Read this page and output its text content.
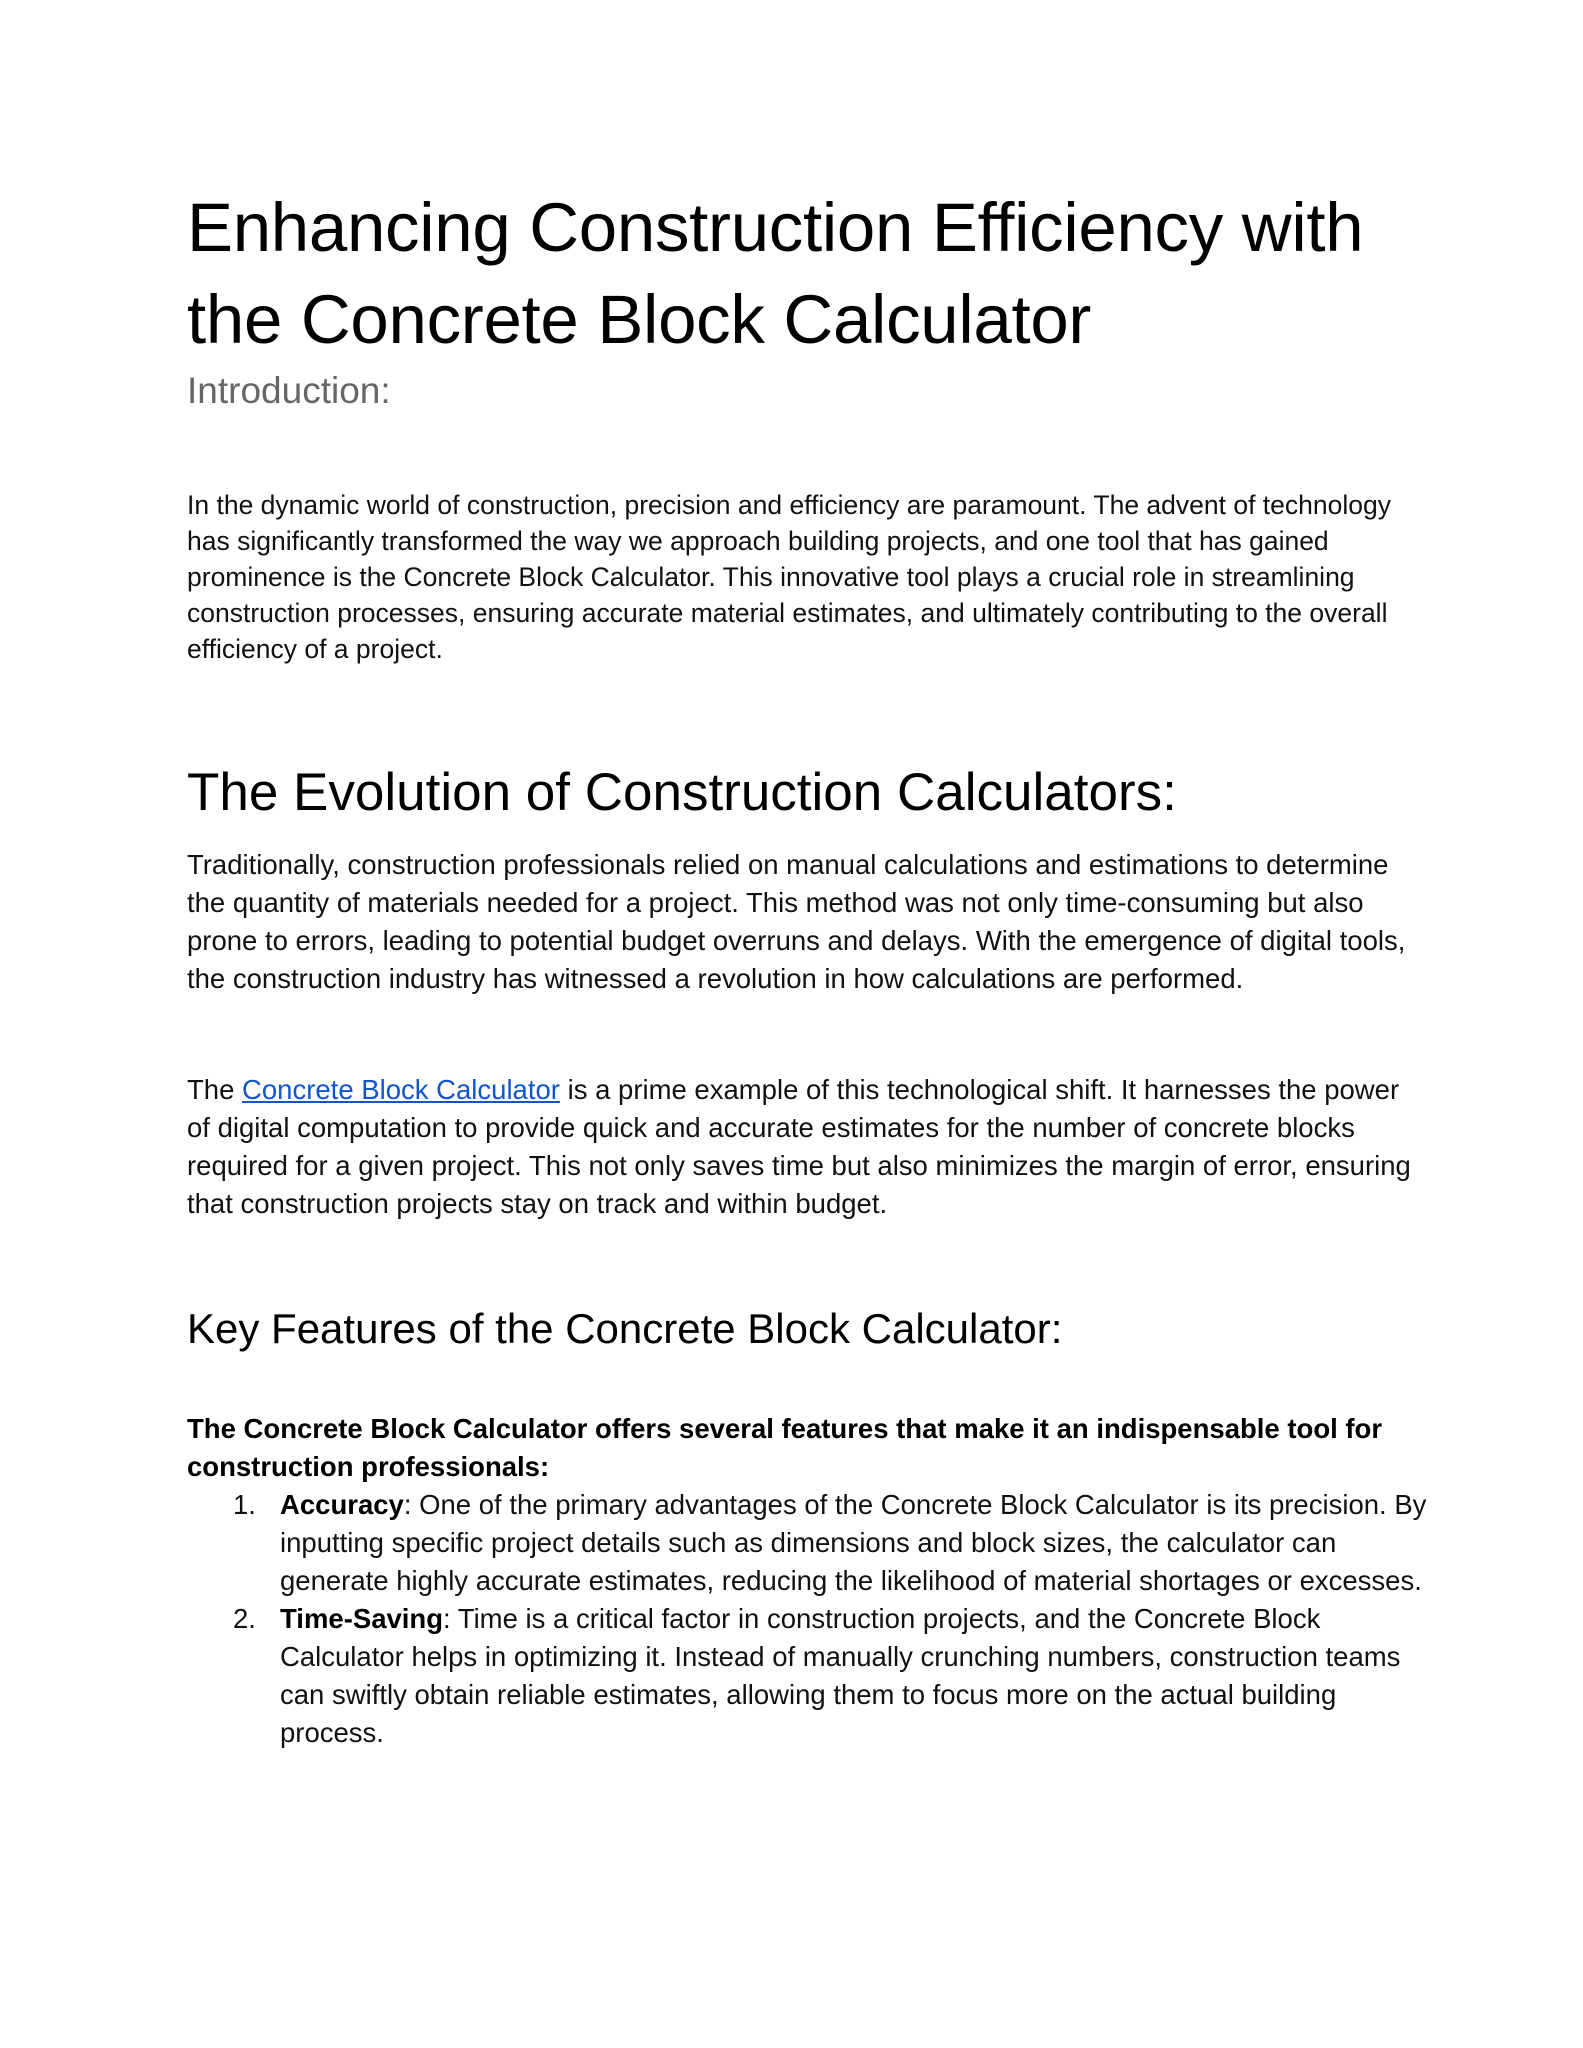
Enhancing Construction Efficiency with
the Concrete Block Calculator
Introduction:

In the dynamic world of construction, precision and efficiency are paramount. The advent of technology has significantly transformed the way we approach building projects, and one tool that has gained prominence is the Concrete Block Calculator. This innovative tool plays a crucial role in streamlining construction processes, ensuring accurate material estimates, and ultimately contributing to the overall efficiency of a project.

The Evolution of Construction Calculators:

Traditionally, construction professionals relied on manual calculations and estimations to determine the quantity of materials needed for a project. This method was not only time-consuming but also prone to errors, leading to potential budget overruns and delays. With the emergence of digital tools, the construction industry has witnessed a revolution in how calculations are performed.

The Concrete Block Calculator is a prime example of this technological shift. It harnesses the power of digital computation to provide quick and accurate estimates for the number of concrete blocks required for a given project. This not only saves time but also minimizes the margin of error, ensuring that construction projects stay on track and within budget.

Key Features of the Concrete Block Calculator:

The Concrete Block Calculator offers several features that make it an indispensable tool for construction professionals:

1. Accuracy: One of the primary advantages of the Concrete Block Calculator is its precision. By inputting specific project details such as dimensions and block sizes, the calculator can generate highly accurate estimates, reducing the likelihood of material shortages or excesses.
2. Time-Saving: Time is a critical factor in construction projects, and the Concrete Block Calculator helps in optimizing it. Instead of manually crunching numbers, construction teams can swiftly obtain reliable estimates, allowing them to focus more on the actual building process.
